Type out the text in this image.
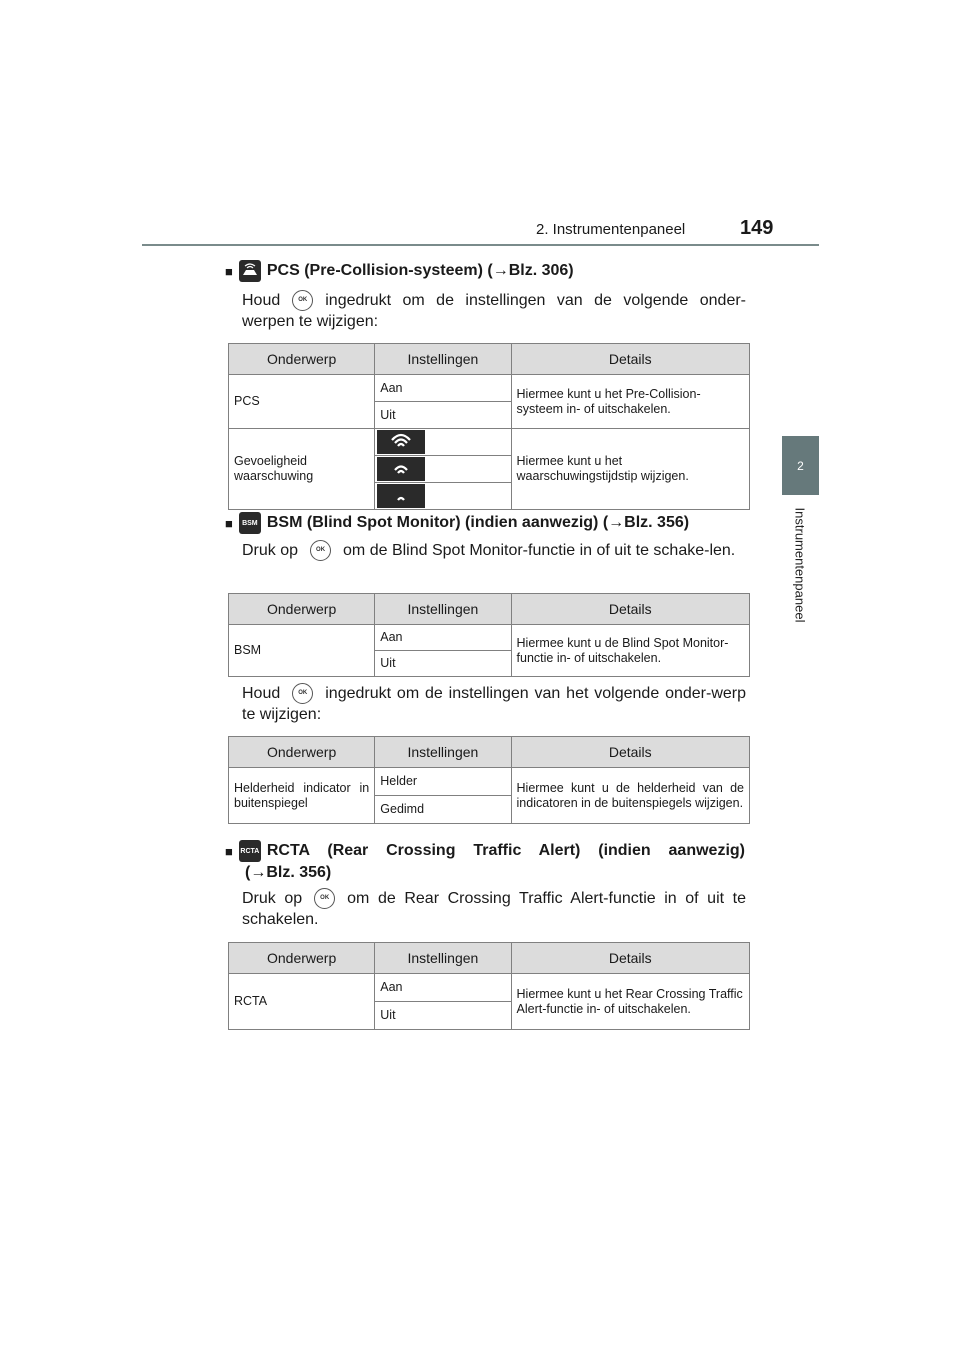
2. Instrumentenpaneel	149
2
Instrumentenpaneel
■ PCS (Pre-Collision-systeem) (→Blz. 306)
Houd	OK ingedrukt om de instellingen van de volgende onder-werpen te wijzigen:
Onderwerp	Instellingen	Details
PCS	Aan	Hiermee kunt u het Pre-Collision-systeem in- of uitschakelen.
	Uit	
Gevoeligheid waarschuwing		Hiermee kunt u het waarschuwingstijdstip wijzigen.

■	BSM BSM (Blind Spot Monitor) (indien aanwezig) (→Blz. 356)
Druk op	OK om de Blind Spot Monitor-functie in of uit te schake-len.
Onderwerp	Instellingen	Details
BSM	Aan	Hiermee kunt u de Blind Spot Monitor-functie in- of uitschakelen.
	Uit	
Houd	OK ingedrukt om de instellingen van het volgende onder-werp te wijzigen:
Onderwerp	Instellingen	Details
Helderheid indicator in buitenspiegel	Helder	Hiermee kunt u de helderheid van de indicatoren in de buitenspiegels wijzigen.
	Gedimd	
■ RCTA RCTA (Rear Crossing Traffic Alert) (indien aanwezig)
(→Blz. 356)
Druk op	OK om de Rear Crossing Traffic Alert-functie in of uit te schakelen.
Onderwerp	Instellingen	Details
RCTA	Aan	Hiermee kunt u het Rear Crossing Traffic Alert-functie in- of uitschakelen.
	Uit	
